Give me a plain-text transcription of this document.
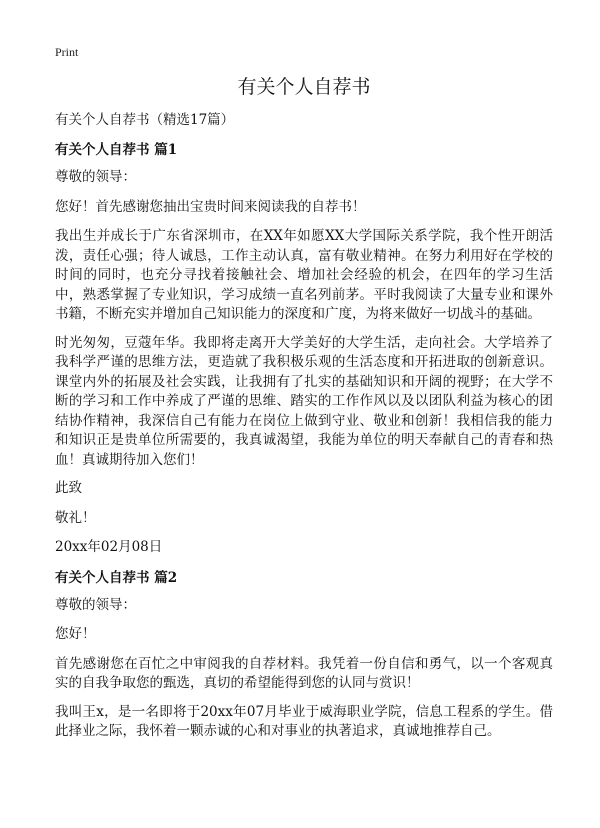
Print
有关个人自荐书
有关个人自荐书（精选17篇）
有关个人自荐书 篇1

尊敬的领导：

您好！首先感谢您抽出宝贵时间来阅读我的自荐书！

我出生并成长于广东省深圳市，在XX年如愿XX大学国际关系学院，我个性开朗活泼，责任心强；待人诚恳，工作主动认真，富有敬业精神。在努力利用好在学校的时间的同时，也充分寻找着接触社会、增加社会经验的机会，在四年的学习生活中，熟悉掌握了专业知识，学习成绩一直名列前茅。平时我阅读了大量专业和课外书籍，不断充实并增加自己知识能力的深度和广度，为将来做好一切战斗的基础。

时光匆匆，豆蔻年华。我即将走离开大学美好的大学生活，走向社会。大学培养了我科学严谨的思维方法，更造就了我积极乐观的生活态度和开拓进取的创新意识。课堂内外的拓展及社会实践，让我拥有了扎实的基础知识和开阔的视野；在大学不断的学习和工作中养成了严谨的思维、踏实的工作作风以及以团队利益为核心的团结协作精神，我深信自己有能力在岗位上做到守业、敬业和创新！我相信我的能力和知识正是贵单位所需要的，我真诚渴望，我能为单位的明天奉献自己的青春和热血！真诚期待加入您们！

此致

敬礼！

20xx年02月08日

有关个人自荐书 篇2

尊敬的领导：

您好！

首先感谢您在百忙之中审阅我的自荐材料。我凭着一份自信和勇气，以一个客观真实的自我争取您的甄选，真切的希望能得到您的认同与赏识！

我叫王x，是一名即将于20xx年07月毕业于威海职业学院，信息工程系的学生。借此择业之际，我怀着一颗赤诚的心和对事业的执著追求，真诚地推荐自己。
